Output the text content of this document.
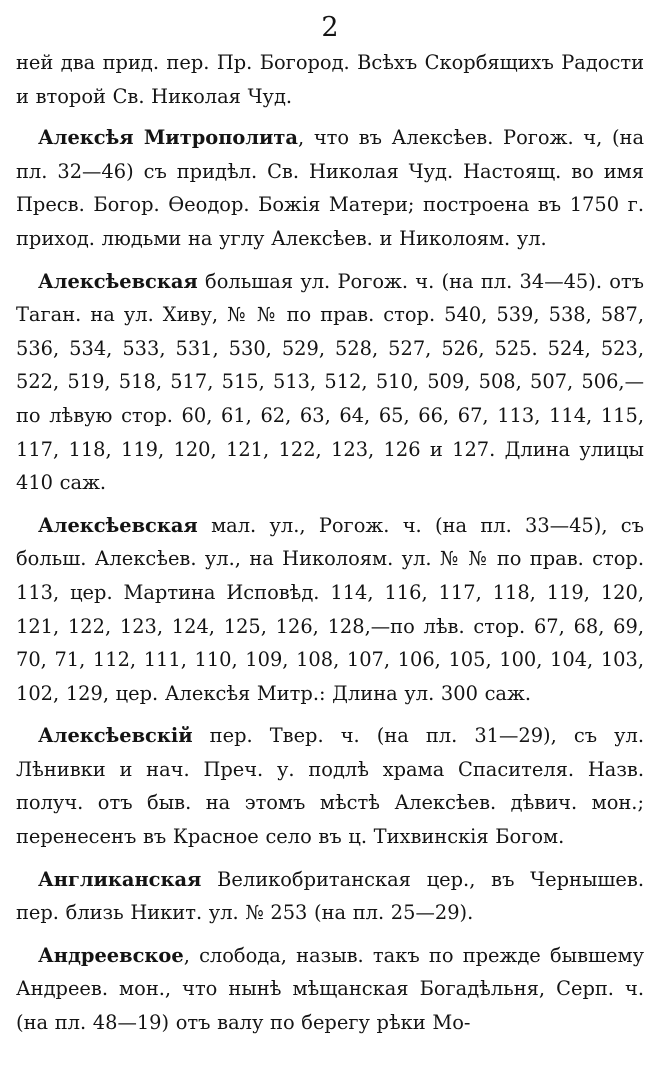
2

ней два прид. пер. Пр. Богород. Всѣхъ Скорбящихъ Радости и второй Св. Николая Чуд.

Алексѣя Митрополита, что въ Алексѣев. Рогож. ч, (на пл. 32—46) съ придѣл. Св. Николая Чуд. Настоящ. во имя Пресв. Богор. Өеодор. Божія Матери; построена въ 1750 г. приход. людьми на углу Алексѣев. и Николоям. ул.

Алексѣевская большая ул. Рогож. ч. (на пл. 34—45). отъ Таган. на ул. Хиву, № № по прав. стор. 540, 539, 538, 587, 536, 534, 533, 531, 530, 529, 528, 527, 526, 525. 524, 523, 522, 519, 518, 517, 515, 513, 512, 510, 509, 508, 507, 506,—по лѣвую стор. 60, 61, 62, 63, 64, 65, 66, 67, 113, 114, 115, 117, 118, 119, 120, 121, 122, 123, 126 и 127. Длина улицы 410 саж.

Алексѣевская мал. ул., Рогож. ч. (на пл. 33—45), съ больш. Алексѣев. ул., на Николоям. ул. № № по прав. стор. 113, цер. Мартина Исповѣд. 114, 116, 117, 118, 119, 120, 121, 122, 123, 124, 125, 126, 128,—по лѣв. стор. 67, 68, 69, 70, 71, 112, 111, 110, 109, 108, 107, 106, 105, 100, 104, 103, 102, 129, цер. Алексѣя Митр.: Длина ул. 300 саж.

Алексѣевскій пер. Твер. ч. (на пл. 31—29), съ ул. Лѣнивки и нач. Преч. у. подлѣ храма Спасителя. Назв. получ. отъ быв. на этомъ мѣстѣ Алексѣев. дѣвич. мон.; перенесенъ въ Красное село въ ц. Тихвинскія Богом.

Англиканская Великобританская цер., въ Чернышев. пер. близь Никит. ул. № 253 (на пл. 25—29).

Андреевское, слобода, назыв. такъ по прежде бывшему Андреев. мон., что нынѣ мѣщанская Богадѣльня, Серп. ч. (на пл. 48—19) отъ валу по берегу рѣки Мо-
